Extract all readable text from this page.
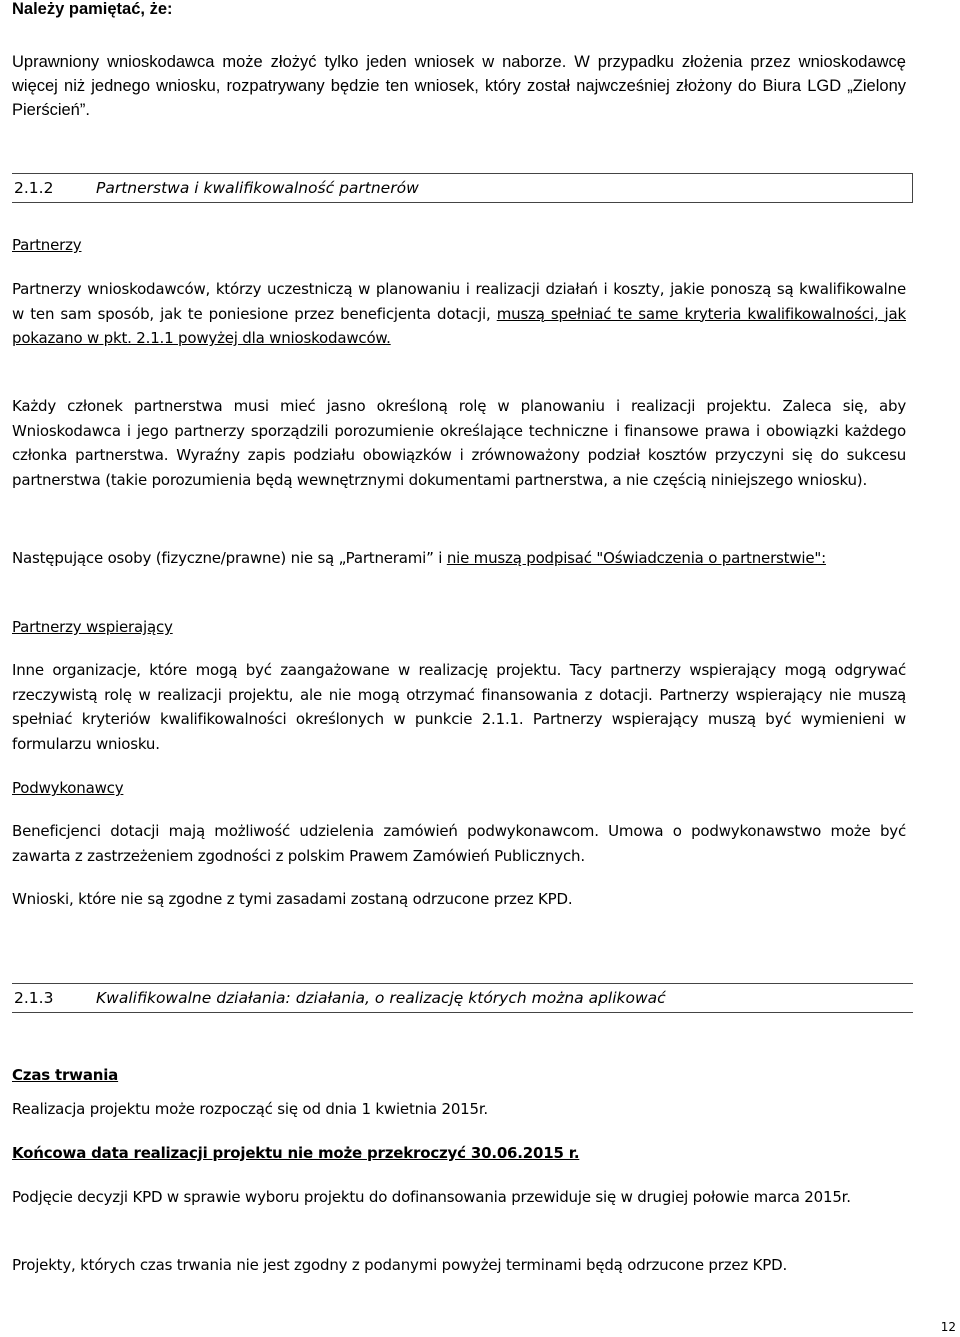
Należy pamiętać, że:

Uprawniony wnioskodawca może złożyć tylko jeden wniosek w naborze. W przypadku złożenia przez wnioskodawcę więcej niż jednego wniosku, rozpatrywany będzie ten wniosek, który został najwcześniej złożony do Biura LGD „Zielony Pierścień”.

2.1.2	Partnerstwa i kwalifikowalność partnerów
Partnerzy

Partnerzy wnioskodawców, którzy uczestniczą w planowaniu i realizacji działań i koszty, jakie ponoszą są kwalifikowalne w ten sam sposób, jak te poniesione przez beneficjenta dotacji, muszą spełniać te same kryteria kwalifikowalności, jak pokazano w pkt. 2.1.1 powyżej dla wnioskodawców.

Każdy członek partnerstwa musi mieć jasno określoną rolę w planowaniu i realizacji projektu. Zaleca się, aby Wnioskodawca i jego partnerzy sporządzili porozumienie określające techniczne i finansowe prawa i obowiązki każdego członka partnerstwa. Wyraźny zapis podziału obowiązków i zrównoważony podział kosztów przyczyni się do sukcesu partnerstwa (takie porozumienia będą wewnętrznymi dokumentami partnerstwa, a nie częścią niniejszego wniosku).

Następujące osoby (fizyczne/prawne) nie są „Partnerami” i nie muszą podpisać "Oświadczenia o partnerstwie":

Partnerzy wspierający

Inne organizacje, które mogą być zaangażowane w realizację projektu. Tacy partnerzy wspierający mogą odgrywać rzeczywistą rolę w realizacji projektu, ale nie mogą otrzymać finansowania z dotacji. Partnerzy wspierający nie muszą spełniać kryteriów kwalifikowalności określonych w punkcie 2.1.1. Partnerzy wspierający muszą być wymienieni w formularzu wniosku.

Podwykonawcy

Beneficjenci dotacji mają możliwość udzielenia zamówień podwykonawcom. Umowa o podwykonawstwo może być zawarta z zastrzeżeniem zgodności z polskim Prawem Zamówień Publicznych.

Wnioski, które nie są zgodne z tymi zasadami zostaną odrzucone przez KPD.

2.1.3	Kwalifikowalne działania: działania, o realizację których można aplikować
Czas trwania

Realizacja projektu może rozpocząć się od dnia 1 kwietnia 2015r.

Końcowa data realizacji projektu nie może przekroczyć 30.06.2015 r.

Podjęcie decyzji KPD w sprawie wyboru projektu do dofinansowania przewiduje się w drugiej połowie marca 2015r.

Projekty, których czas trwania nie jest zgodny z podanymi powyżej terminami będą odrzucone przez KPD.

12
